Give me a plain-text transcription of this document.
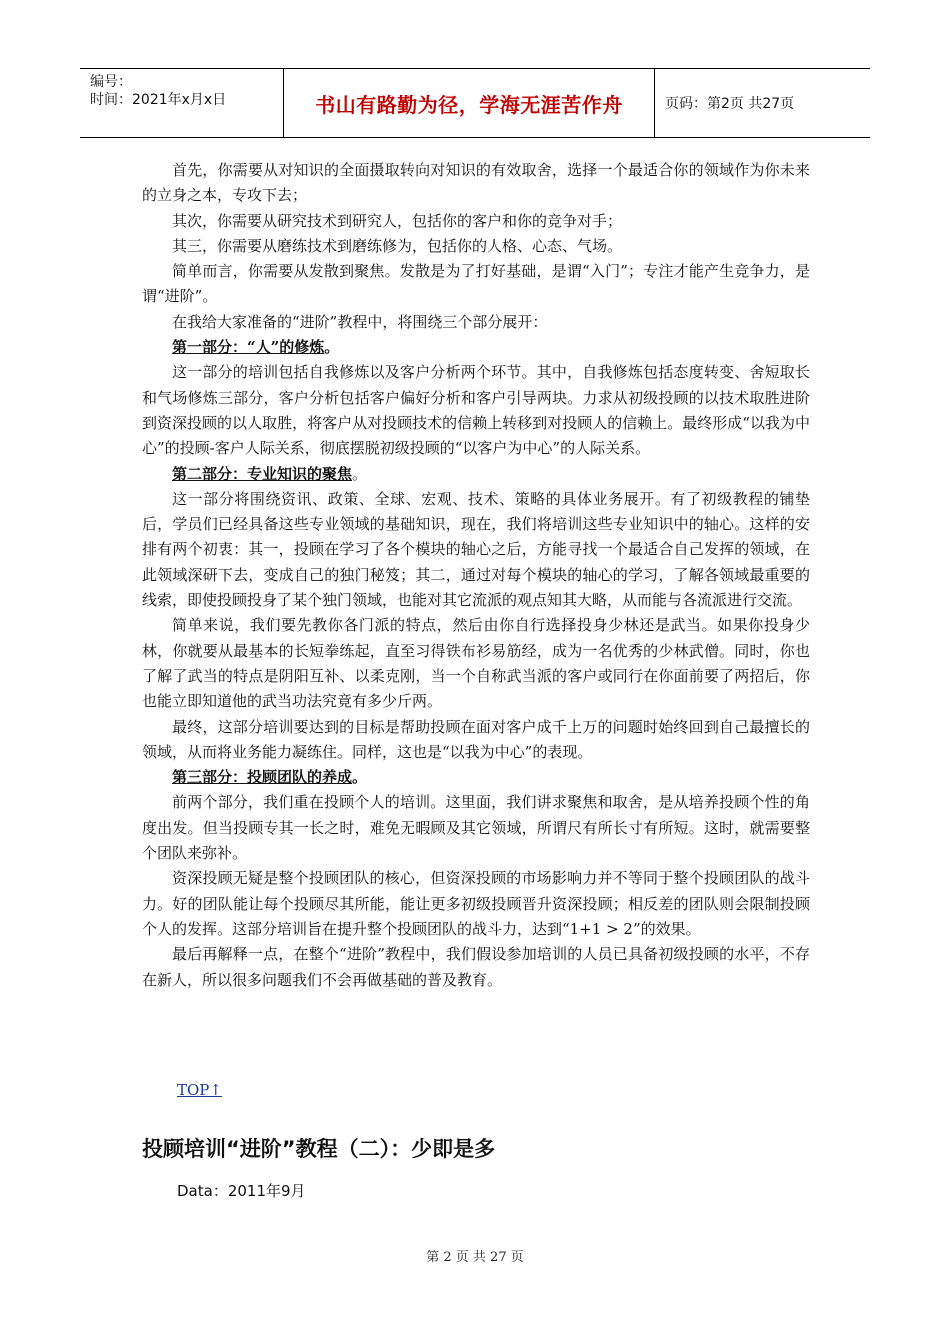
编号：
时间：2021年x月x日	书山有路勤为径，学海无涯苦作舟	页码：第2页 共27页

首先，你需要从对知识的全面摄取转向对知识的有效取舍，选择一个最适合你的领域作为你未来的立身之本，专攻下去；

其次，你需要从研究技术到研究人，包括你的客户和你的竞争对手；

其三，你需要从磨练技术到磨练修为，包括你的人格、心态、气场。

简单而言，你需要从发散到聚焦。发散是为了打好基础，是谓“入门”；专注才能产生竞争力，是谓“进阶”。

在我给大家准备的“进阶”教程中，将围绕三个部分展开：

第一部分：“人”的修炼。

这一部分的培训包括自我修炼以及客户分析两个环节。其中，自我修炼包括态度转变、舍短取长和气场修炼三部分，客户分析包括客户偏好分析和客户引导两块。力求从初级投顾的以技术取胜进阶到资深投顾的以人取胜，将客户从对投顾技术的信赖上转移到对投顾人的信赖上。最终形成“以我为中心”的投顾-客户人际关系，彻底摆脱初级投顾的“以客户为中心”的人际关系。

第二部分：专业知识的聚焦。

这一部分将围绕资讯、政策、全球、宏观、技术、策略的具体业务展开。有了初级教程的铺垫后，学员们已经具备这些专业领域的基础知识，现在，我们将培训这些专业知识中的轴心。这样的安排有两个初衷：其一，投顾在学习了各个模块的轴心之后，方能寻找一个最适合自己发挥的领域，在此领域深研下去，变成自己的独门秘笈；其二，通过对每个模块的轴心的学习，了解各领域最重要的线索，即使投顾投身了某个独门领域，也能对其它流派的观点知其大略，从而能与各流派进行交流。

简单来说，我们要先教你各门派的特点，然后由你自行选择投身少林还是武当。如果你投身少林，你就要从最基本的长短拳练起，直至习得铁布衫易筋经，成为一名优秀的少林武僧。同时，你也了解了武当的特点是阴阳互补、以柔克刚，当一个自称武当派的客户或同行在你面前要了两招后，你也能立即知道他的武当功法究竟有多少斤两。

最终，这部分培训要达到的目标是帮助投顾在面对客户成千上万的问题时始终回到自己最擅长的领域，从而将业务能力凝练住。同样，这也是“以我为中心”的表现。

第三部分：投顾团队的养成。

前两个部分，我们重在投顾个人的培训。这里面，我们讲求聚焦和取舍，是从培养投顾个性的角度出发。但当投顾专其一长之时，难免无暇顾及其它领域，所谓尺有所长寸有所短。这时，就需要整个团队来弥补。

资深投顾无疑是整个投顾团队的核心，但资深投顾的市场影响力并不等同于整个投顾团队的战斗力。好的团队能让每个投顾尽其所能，能让更多初级投顾晋升资深投顾；相反差的团队则会限制投顾个人的发挥。这部分培训旨在提升整个投顾团队的战斗力，达到“1+1 > 2”的效果。

最后再解释一点，在整个“进阶”教程中，我们假设参加培训的人员已具备初级投顾的水平，不存在新人，所以很多问题我们不会再做基础的普及教育。

TOP↑
投顾培训“进阶”教程（二）：少即是多
Data：2011年9月
第 2 页 共 27 页
